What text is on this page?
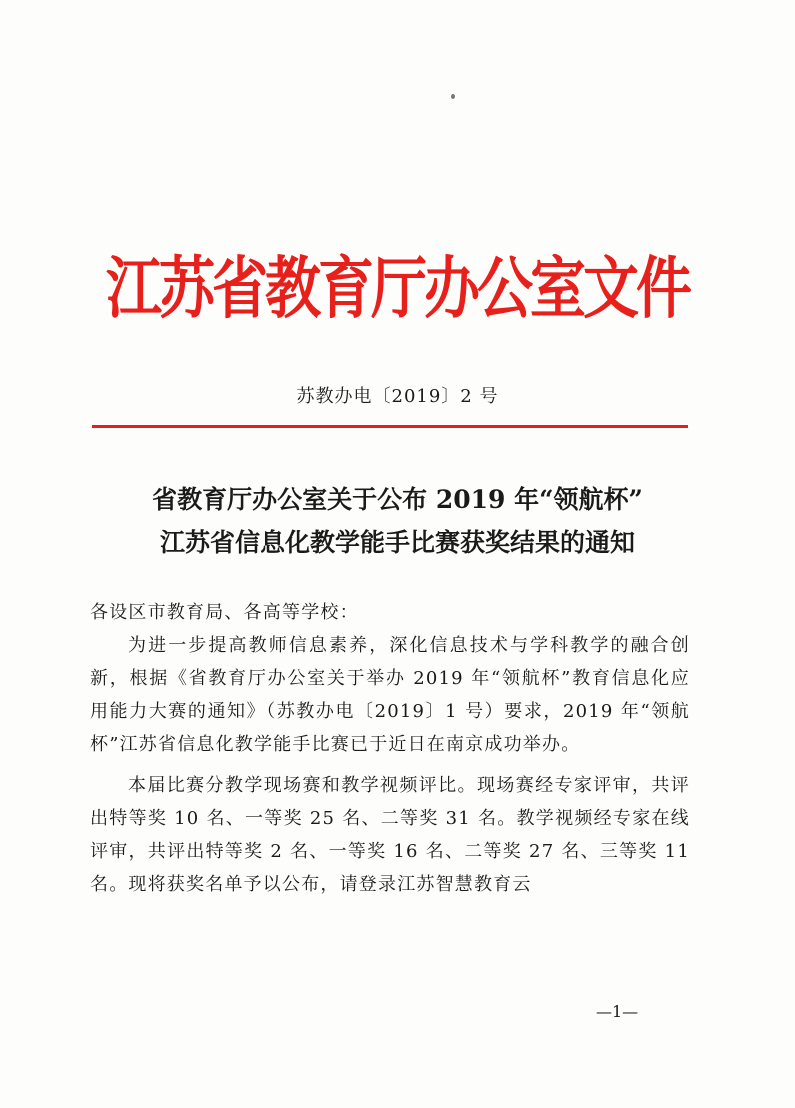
江苏省教育厅办公室文件
苏教办电〔2019〕2 号
省教育厅办公室关于公布 2019 年“领航杯”
江苏省信息化教学能手比赛获奖结果的通知

各设区市教育局、各高等学校：

为进一步提高教师信息素养，深化信息技术与学科教学的融合创新，根据《省教育厅办公室关于举办 2019 年“领航杯”教育信息化应用能力大赛的通知》（苏教办电〔2019〕1 号）要求，2019 年“领航杯”江苏省信息化教学能手比赛已于近日在南京成功举办。

本届比赛分教学现场赛和教学视频评比。现场赛经专家评审，共评出特等奖 10 名、一等奖 25 名、二等奖 31 名。教学视频经专家在线评审，共评出特等奖 2 名、一等奖 16 名、二等奖 27 名、三等奖 11 名。现将获奖名单予以公布，请登录江苏智慧教育云

—1—
